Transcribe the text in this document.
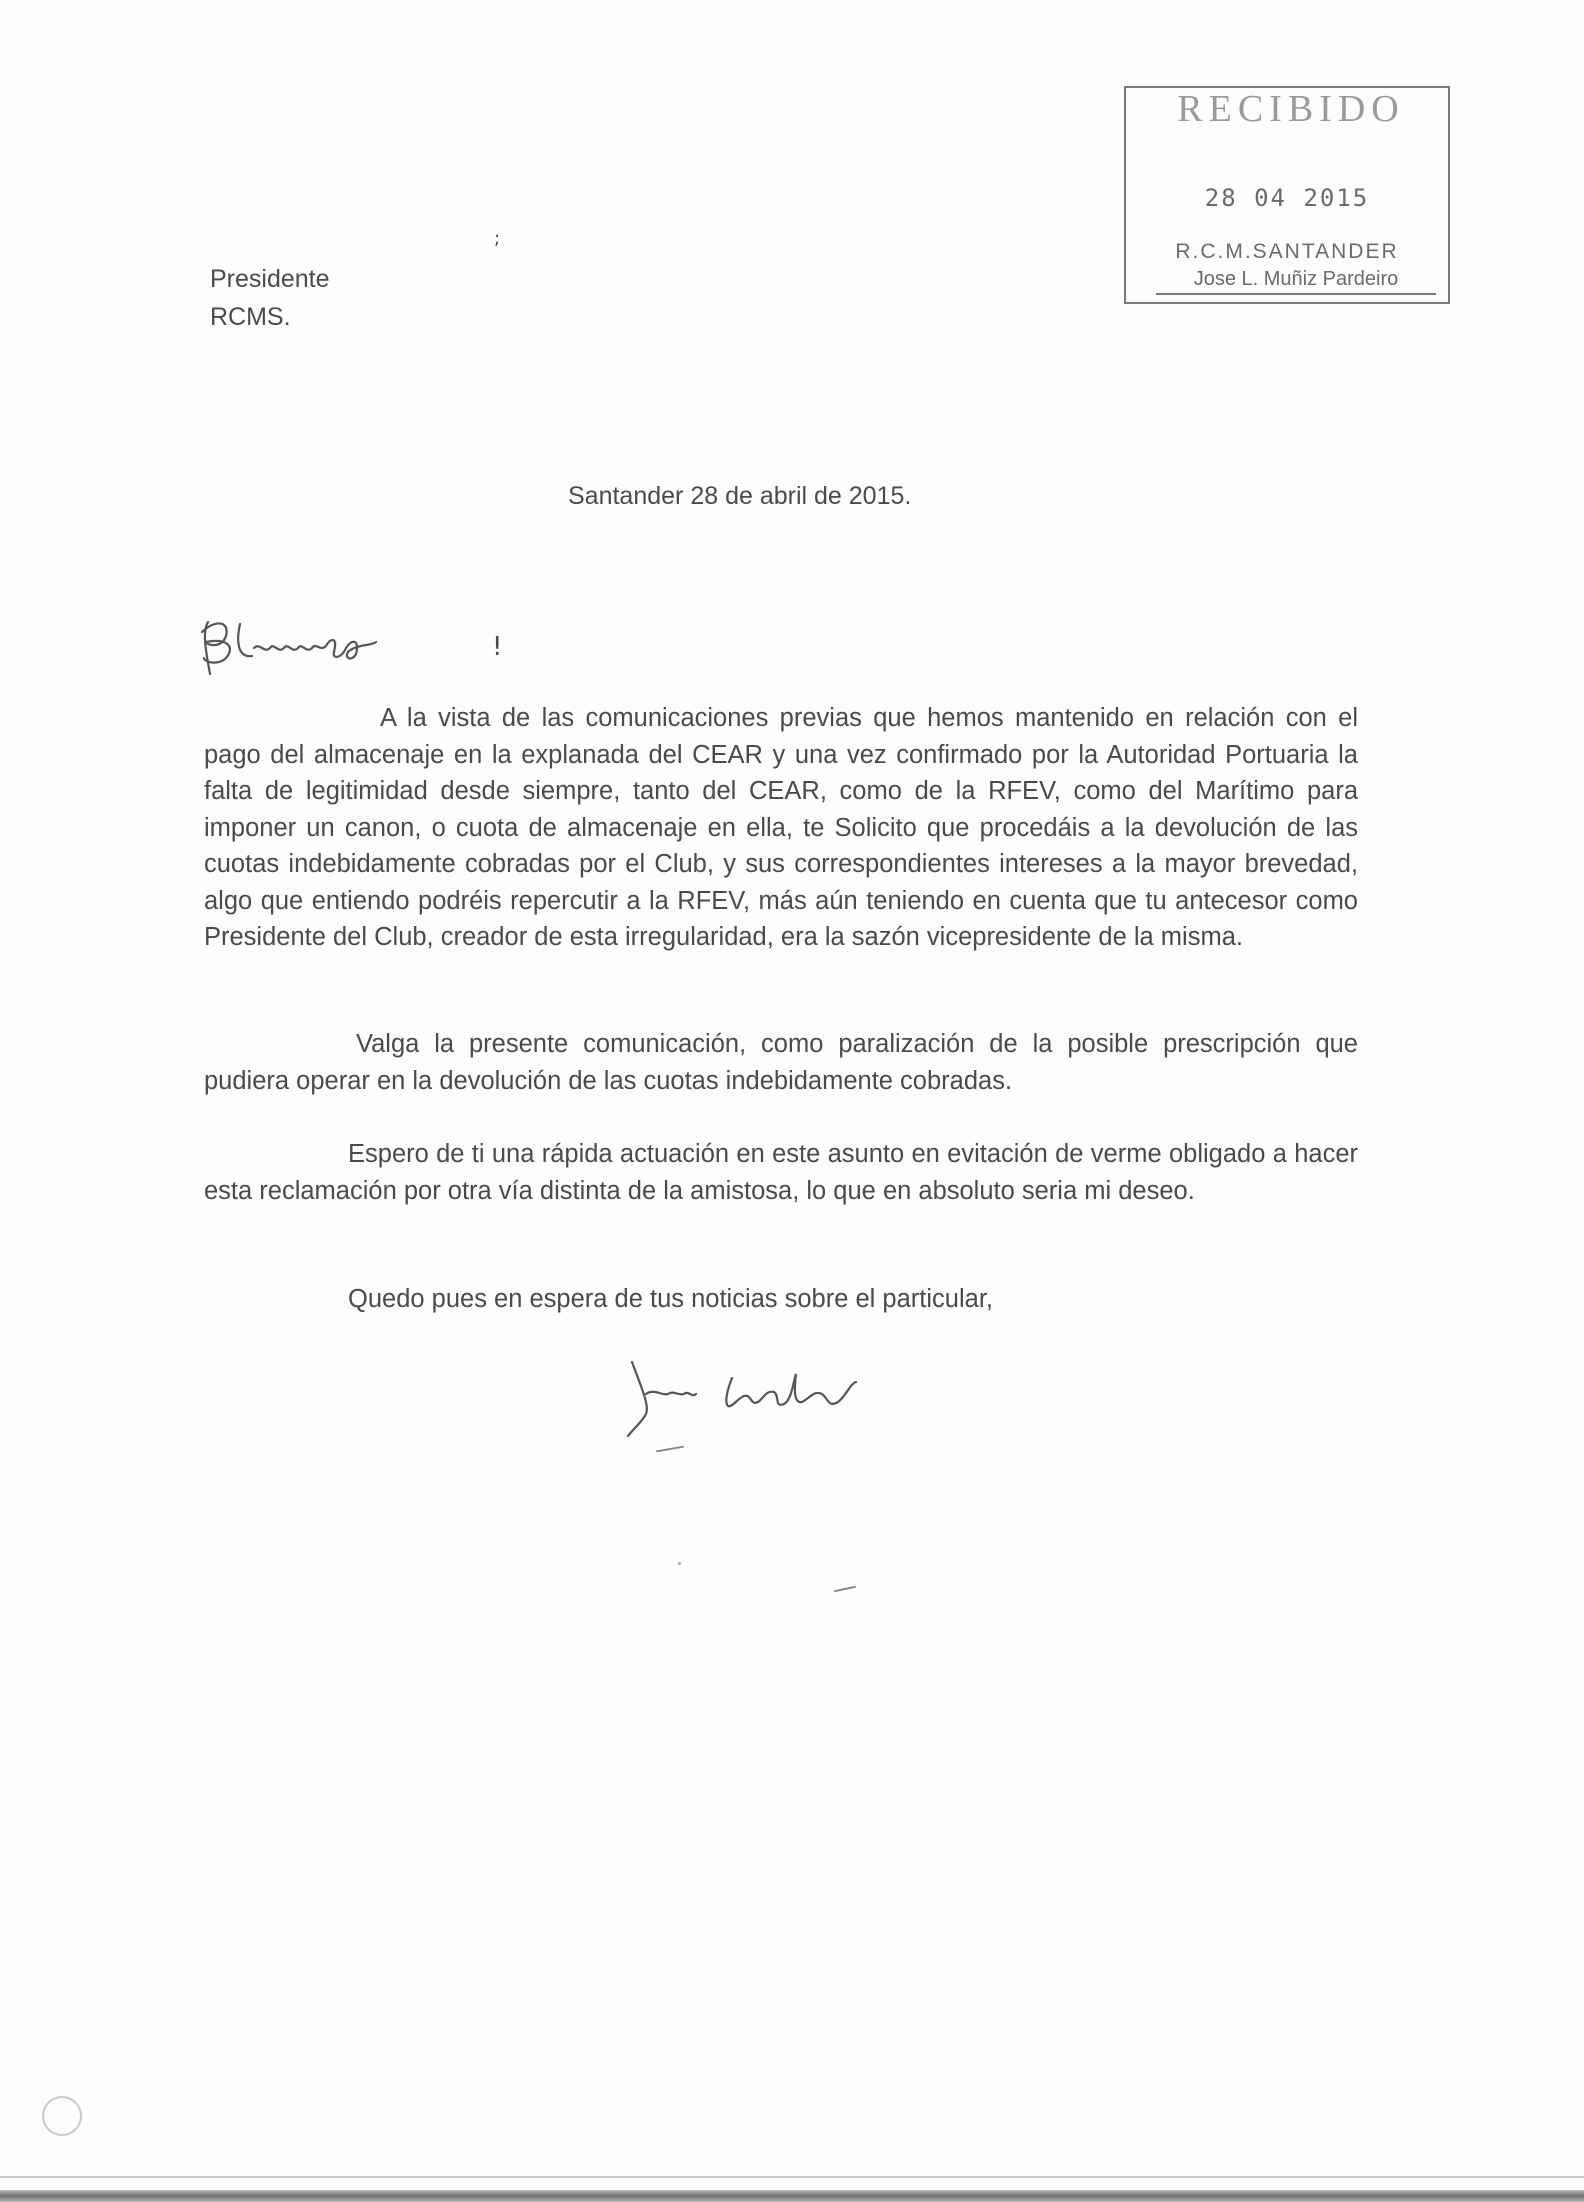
RECIBIDO
28 04 2015
R.C.M.SANTANDER
Jose L. Muñiz Pardeiro
Presidente
RCMS.
;
Santander 28 de abril de 2015.
!
A la vista de las comunicaciones previas que hemos mantenido en relación con el pago del almacenaje en la explanada del CEAR y una vez confirmado por la Autoridad Portuaria la falta de legitimidad desde siempre, tanto del CEAR, como de la RFEV, como del Marítimo para imponer un canon, o cuota de almacenaje en ella, te Solicito que procedáis a la devolución de las cuotas indebidamente cobradas por el Club, y sus correspondientes intereses a la mayor brevedad, algo que entiendo podréis repercutir a la RFEV, más aún teniendo en cuenta que tu antecesor como Presidente del Club, creador de esta irregularidad, era la sazón vicepresidente de la misma.
Valga la presente comunicación, como paralización de la posible prescripción que pudiera operar en la devolución de las cuotas indebidamente cobradas.
Espero de ti una rápida actuación en este asunto en evitación de verme obligado a hacer esta reclamación por otra vía distinta de la amistosa, lo que en absoluto seria mi deseo.
Quedo pues en espera de tus noticias sobre el particular,
